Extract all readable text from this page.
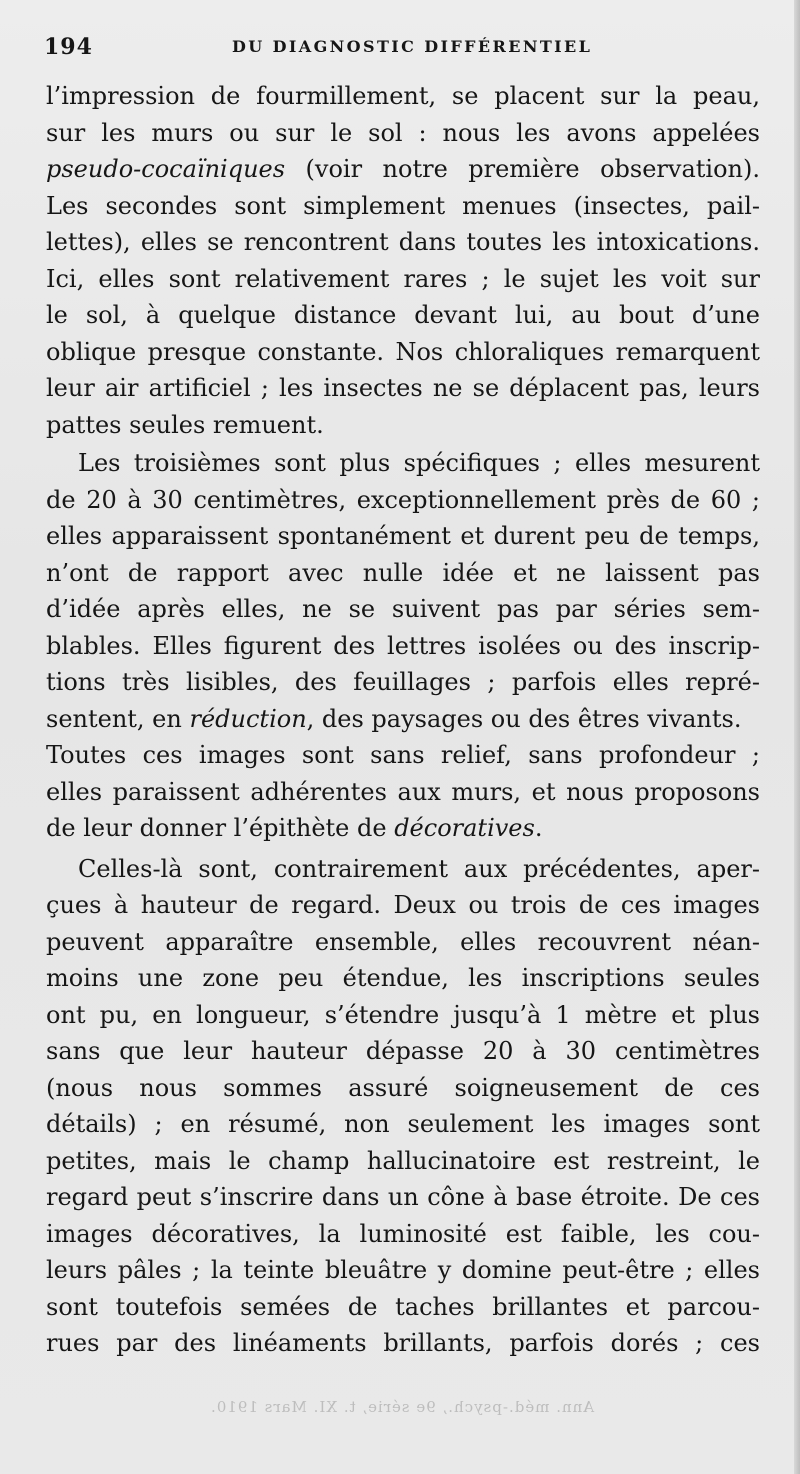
194	DU DIAGNOSTIC DIFFÉRENTIEL
l’impression de fourmillement, se placent sur la peau,
sur les murs ou sur le sol : nous les avons appelées
pseudo-cocaïniques (voir notre première observation).
Les secondes sont simplement menues (insectes, pail-
lettes), elles se rencontrent dans toutes les intoxications.
Ici, elles sont relativement rares ; le sujet les voit sur
le sol, à quelque distance devant lui, au bout d’une
oblique presque constante. Nos chloraliques remarquent
leur air artificiel ; les insectes ne se déplacent pas, leurs
pattes seules remuent.
Les troisièmes sont plus spécifiques ; elles mesurent
de 20 à 30 centimètres, exceptionnellement près de 60 ;
elles apparaissent spontanément et durent peu de temps,
n’ont de rapport avec nulle idée et ne laissent pas
d’idée après elles, ne se suivent pas par séries sem-
blables. Elles figurent des lettres isolées ou des inscrip-
tions très lisibles, des feuillages ; parfois elles repré-
sentent, en réduction, des paysages ou des êtres vivants.
Toutes ces images sont sans relief, sans profondeur ;
elles paraissent adhérentes aux murs, et nous proposons
de leur donner l’épithète de décoratives.
Celles-là sont, contrairement aux précédentes, aper-
çues à hauteur de regard. Deux ou trois de ces images
peuvent apparaître ensemble, elles recouvrent néan-
moins une zone peu étendue, les inscriptions seules
ont pu, en longueur, s’étendre jusqu’à 1 mètre et plus
sans que leur hauteur dépasse 20 à 30 centimètres
(nous nous sommes assuré soigneusement de ces
détails) ; en résumé, non seulement les images sont
petites, mais le champ hallucinatoire est restreint, le
regard peut s’inscrire dans un cône à base étroite. De ces
images décoratives, la luminosité est faible, les cou-
leurs pâles ; la teinte bleuâtre y domine peut-être ; elles
sont toutefois semées de taches brillantes et parcou-
rues par des linéaments brillants, parfois dorés ; ces
Ann. méd.-psych., 9e série, t. XI. Mars 1910.
